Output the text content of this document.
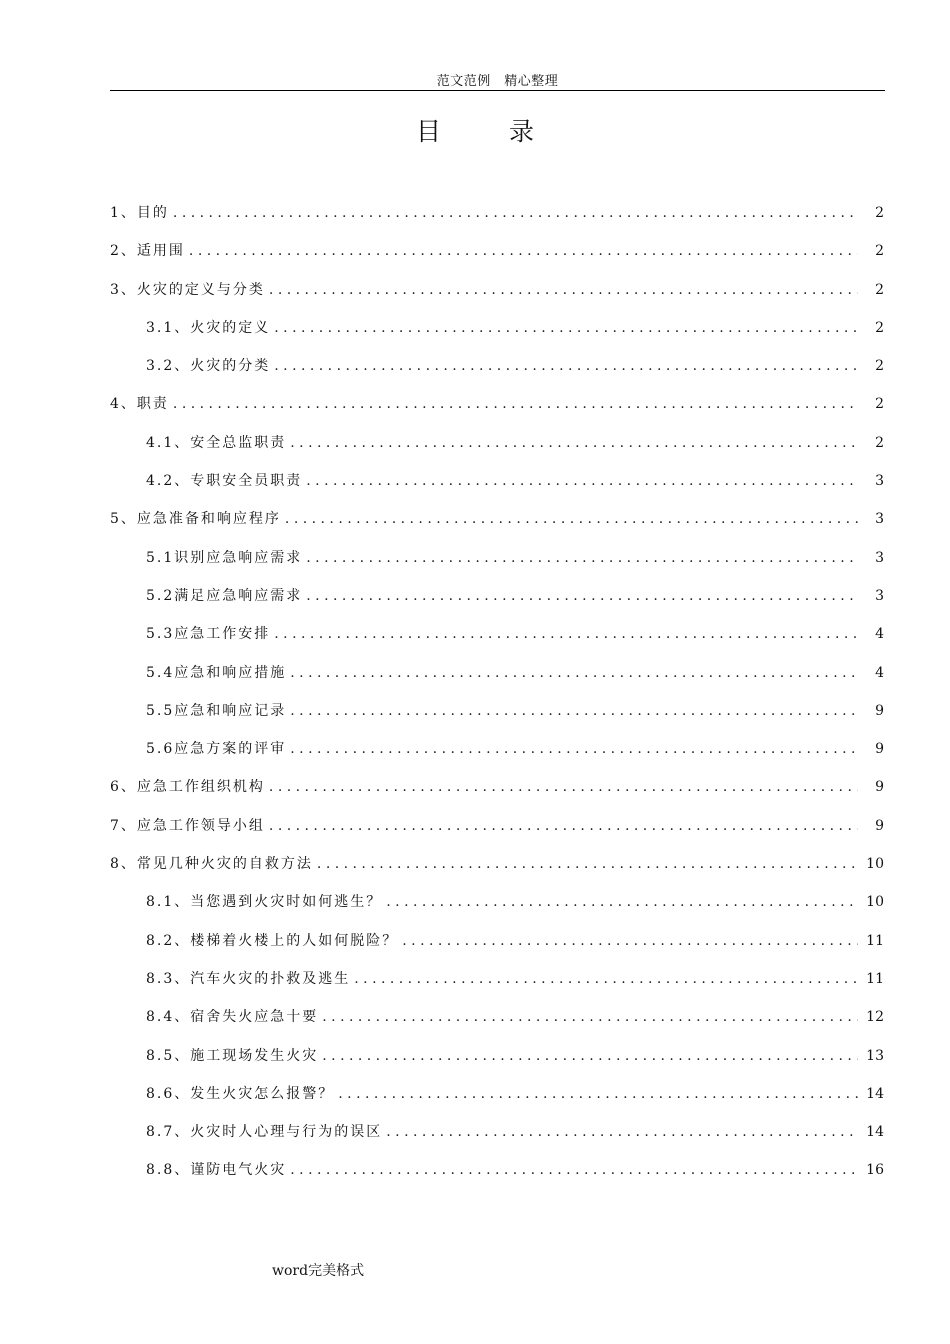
范文范例　精心整理
目 录
1、目的 . . .	2
2、适用围 . . .	2
3、火灾的定义与分类 . . .	2
3.1、火灾的定义 . . .	2
3.2、火灾的分类 . . .	2
4、职责 . . .	2
4.1、安全总监职责 . . .	2
4.2、专职安全员职责 . . .	3
5、应急准备和响应程序 . . .	3
5.1识别应急响应需求 . . .	3
5.2满足应急响应需求 . . .	3
5.3应急工作安排 . . .	4
5.4应急和响应措施 . . .	4
5.5应急和响应记录 . . .	9
5.6应急方案的评审 . . .	9
6、应急工作组织机构 . . .	9
7、应急工作领导小组 . . .	9
8、常见几种火灾的自救方法 . . .	10
8.1、当您遇到火灾时如何逃生？ . . .	10
8.2、楼梯着火楼上的人如何脱险？ . . .	11
8.3、汽车火灾的扑救及逃生 . . .	11
8.4、宿舍失火应急十要 . . .	12
8.5、施工现场发生火灾 . . .	13
8.6、发生火灾怎么报警？ . . .	14
8.7、火灾时人心理与行为的误区 . . .	14
8.8、谨防电气火灾 . . .	16
word完美格式
